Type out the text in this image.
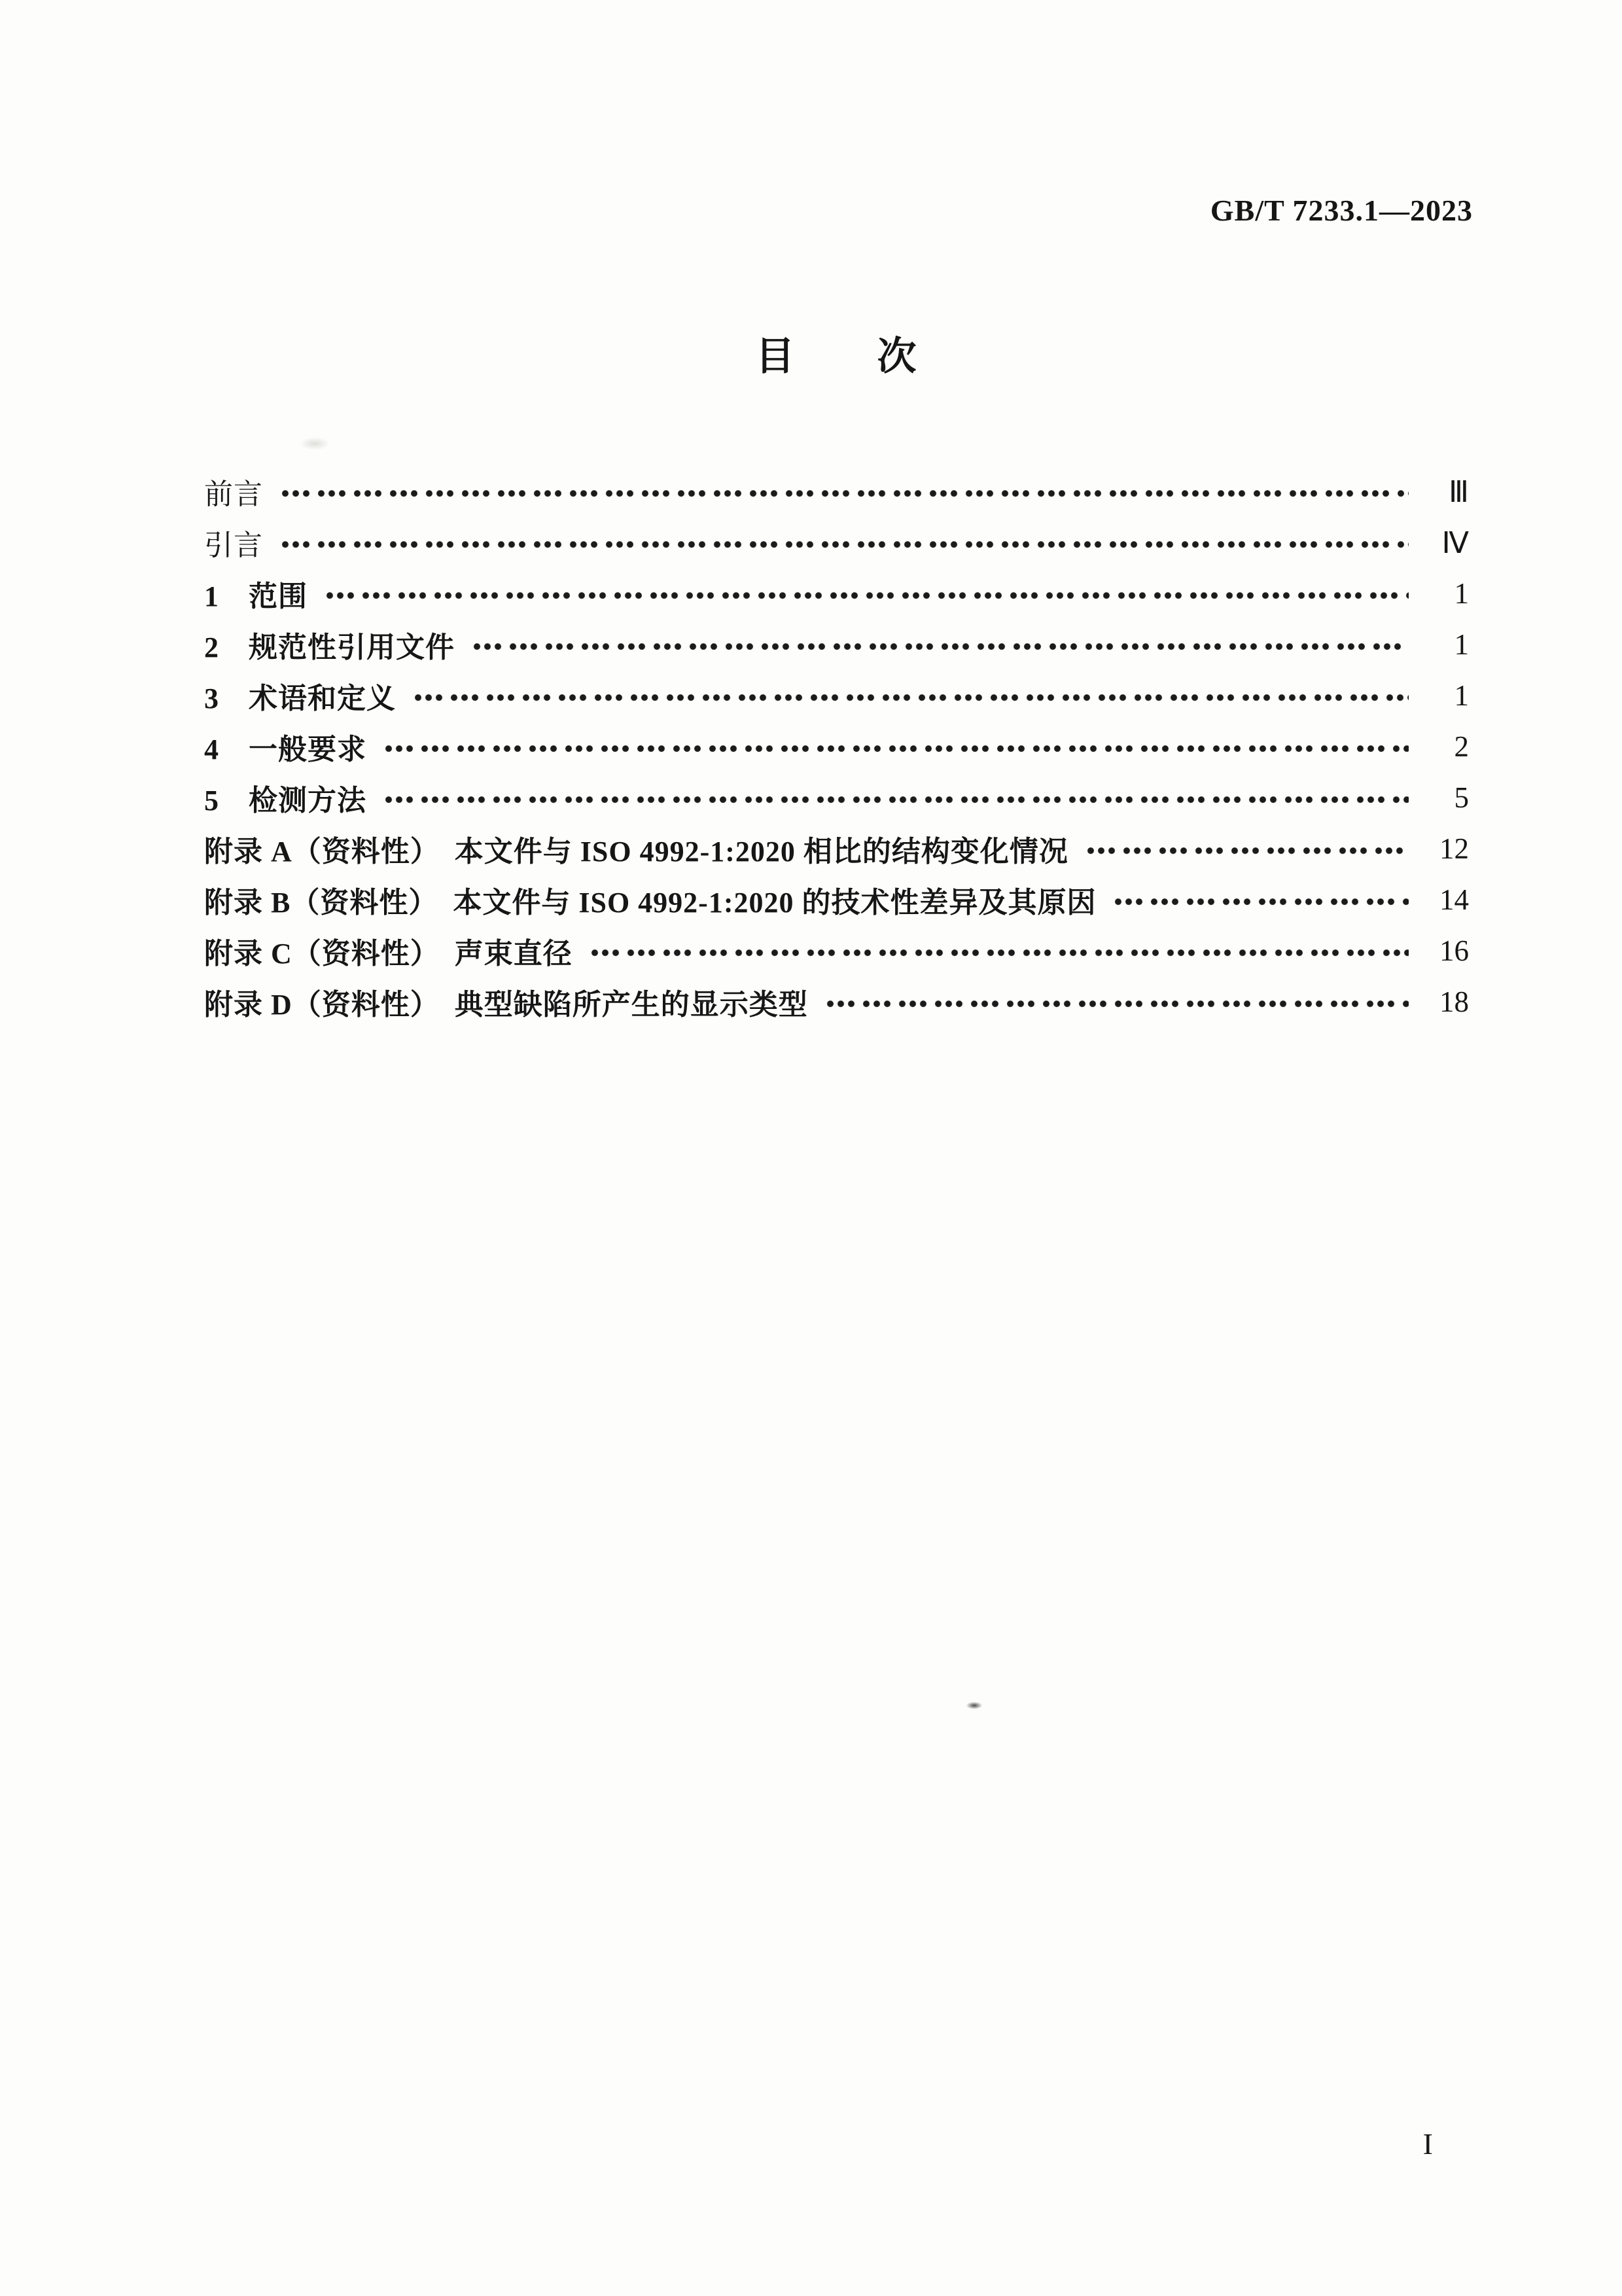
GB/T 7233.1—2023
目　　次
前言	Ⅲ
引言	Ⅳ
1　范围	1
2　规范性引用文件	1
3　术语和定义	1
4　一般要求	2
5　检测方法	5
附录 A（资料性）　本文件与 ISO 4992-1:2020 相比的结构变化情况	12
附录 B（资料性）　本文件与 ISO 4992-1:2020 的技术性差异及其原因	14
附录 C（资料性）　声束直径	16
附录 D（资料性）　典型缺陷所产生的显示类型	18
I
